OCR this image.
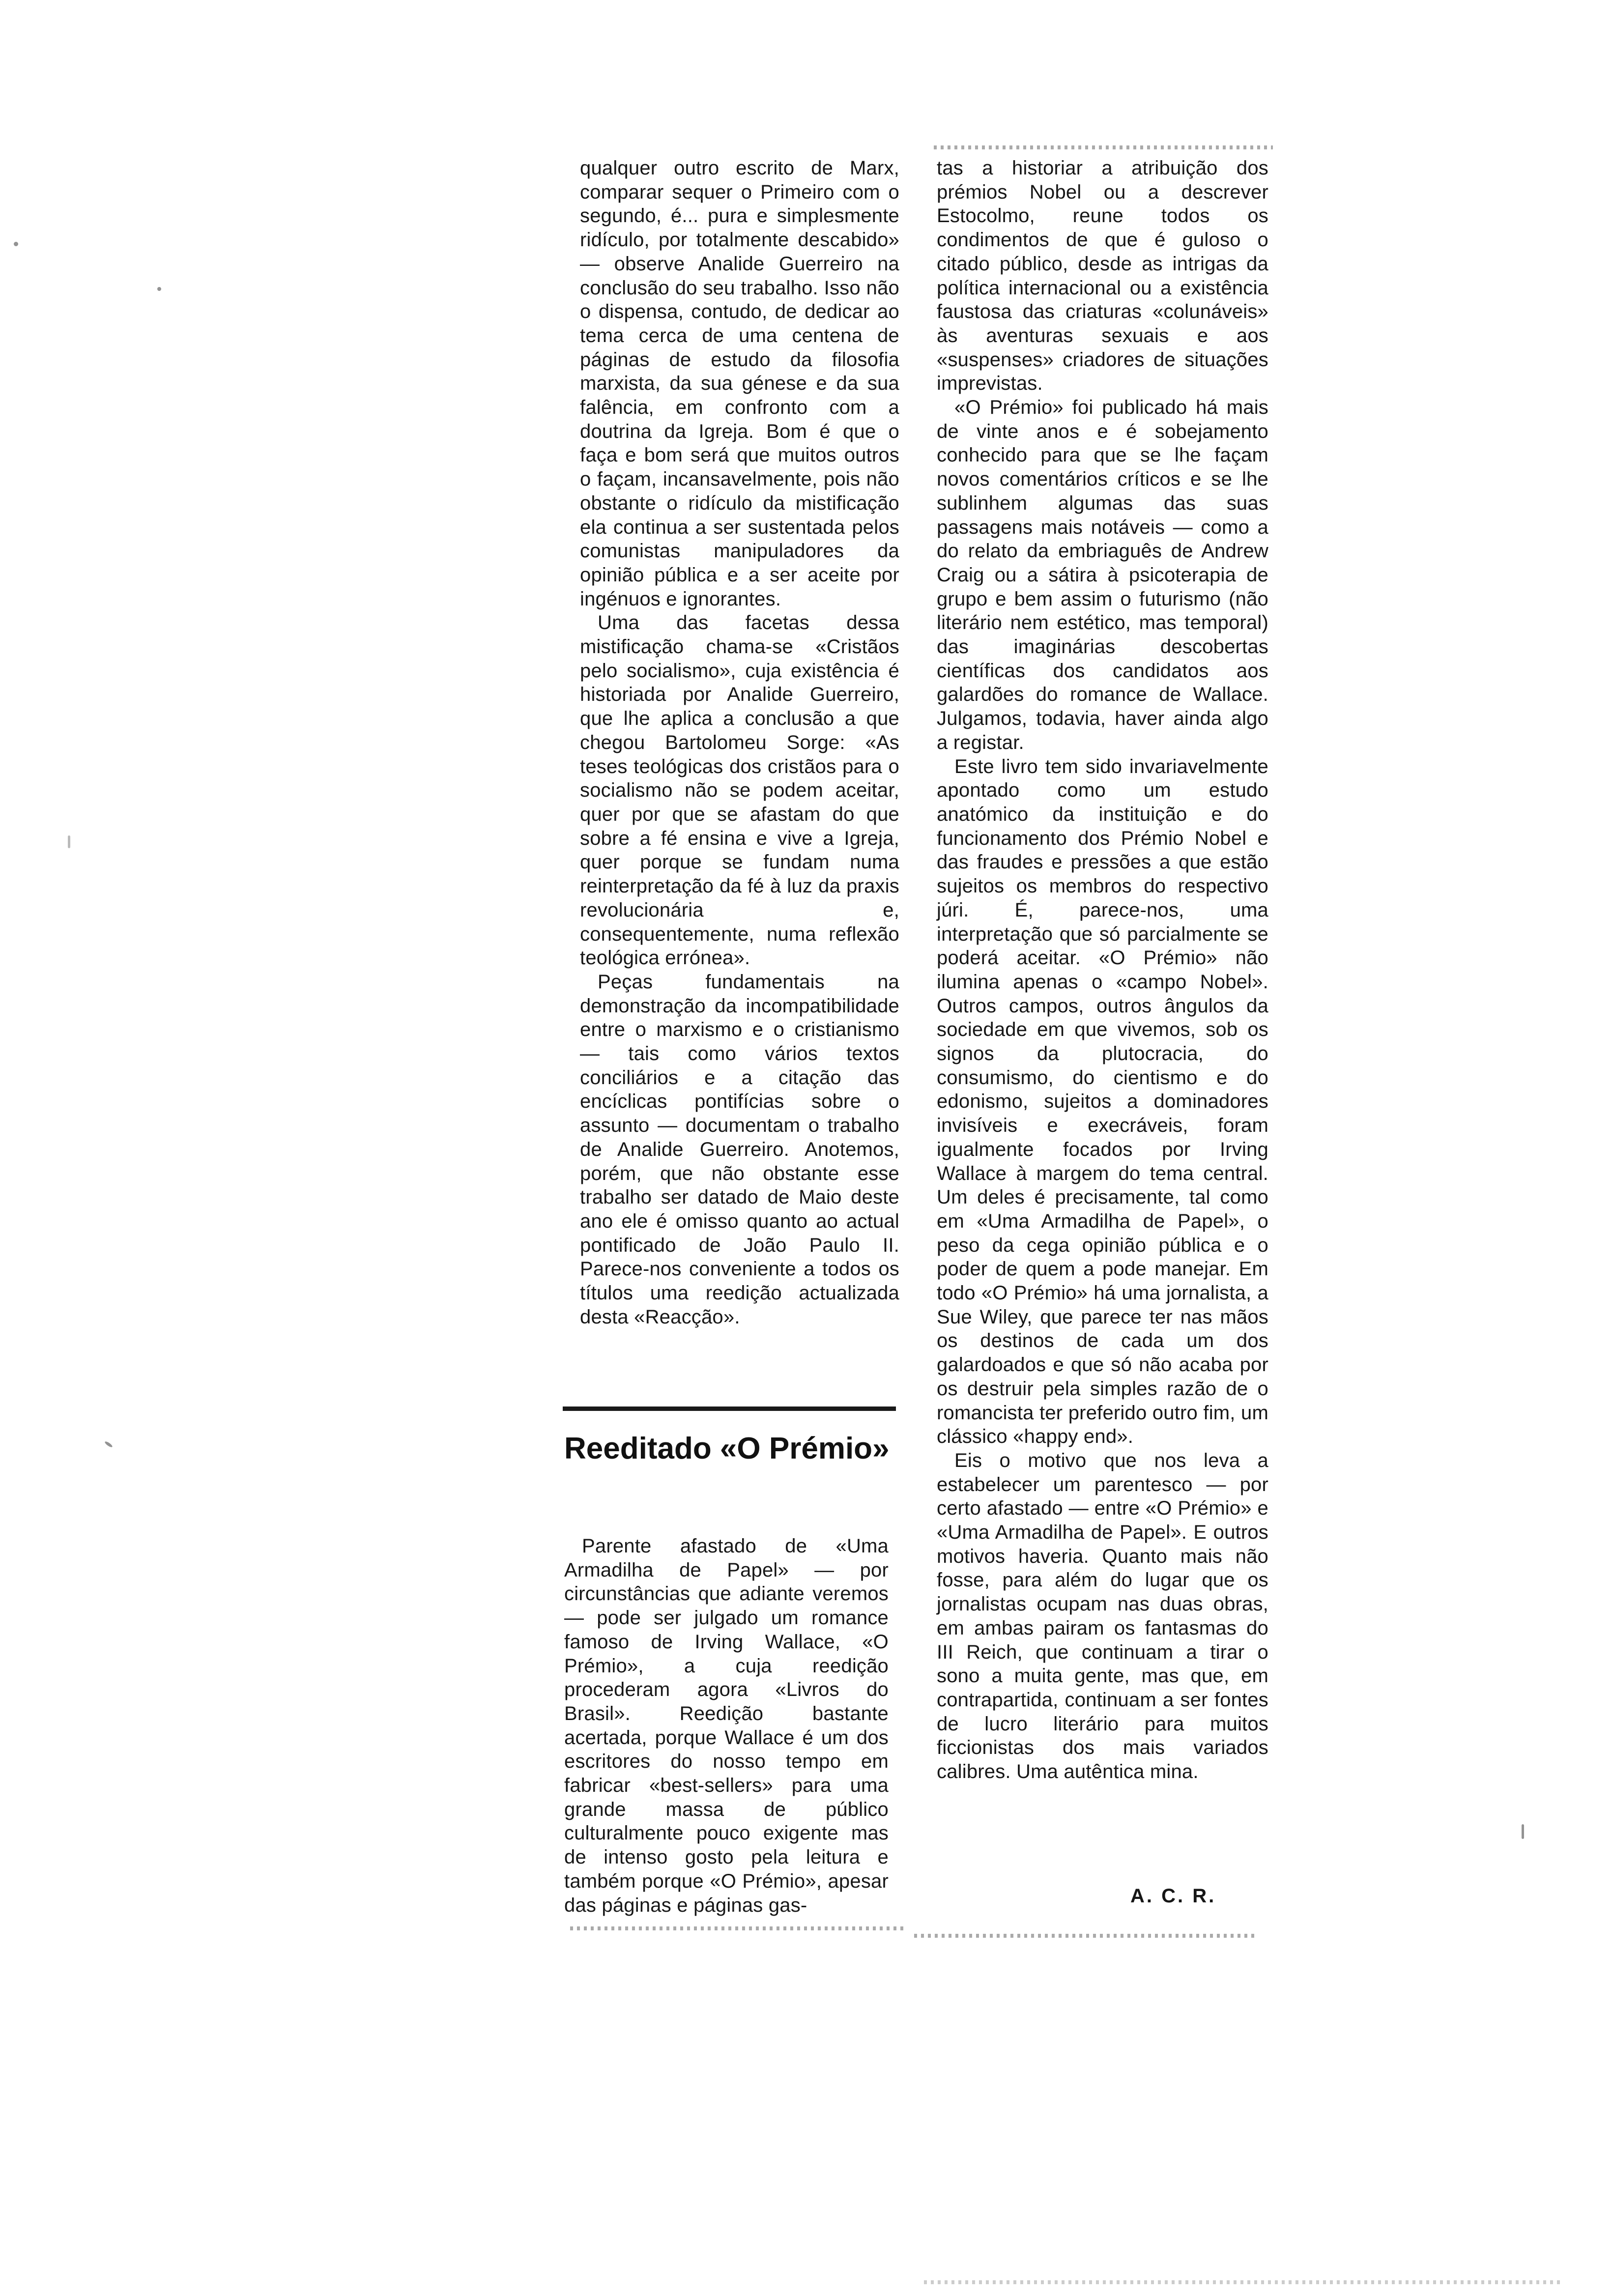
qualquer outro escrito de Marx, comparar sequer o Primeiro com o segundo, é... pura e simplesmente ridículo, por totalmente descabido» — observe Analide Guerreiro na conclusão do seu trabalho. Isso não o dispensa, contudo, de dedicar ao tema cerca de uma centena de páginas de estudo da filosofia marxista, da sua génese e da sua falência, em confronto com a doutrina da Igreja. Bom é que o faça e bom será que muitos outros o façam, incansavelmente, pois não obstante o ridículo da mistificação ela continua a ser sustentada pelos comunistas manipuladores da opinião pública e a ser aceite por ingénuos e ignorantes.

Uma das facetas dessa mistificação chama-se «Cristãos pelo socialismo», cuja existência é historiada por Analide Guerreiro, que lhe aplica a conclusão a que chegou Bartolomeu Sorge: «As teses teológicas dos cristãos para o socialismo não se podem aceitar, quer por que se afastam do que sobre a fé ensina e vive a Igreja, quer porque se fundam numa reinterpretação da fé à luz da praxis revolucionária e, consequentemente, numa reflexão teológica errónea».

Peças fundamentais na demonstração da incompatibilidade entre o marxismo e o cristianismo — tais como vários textos conciliários e a citação das encíclicas pontifícias sobre o assunto — documentam o trabalho de Analide Guerreiro. Anotemos, porém, que não obstante esse trabalho ser datado de Maio deste ano ele é omisso quanto ao actual pontificado de João Paulo II. Parece-nos conveniente a todos os títulos uma reedição actualizada desta «Reacção».

Reeditado «O Prémio»

Parente afastado de «Uma Armadilha de Papel» — por circunstâncias que adiante veremos — pode ser julgado um romance famoso de Irving Wallace, «O Prémio», a cuja reedição procederam agora «Livros do Brasil». Reedição bastante acertada, porque Wallace é um dos escritores do nosso tempo em fabricar «best-sellers» para uma grande massa de público culturalmente pouco exigente mas de intenso gosto pela leitura e também porque «O Prémio», apesar das páginas e páginas gas-

tas a historiar a atribuição dos prémios Nobel ou a descrever Estocolmo, reune todos os condimentos de que é guloso o citado público, desde as intrigas da política internacional ou a existência faustosa das criaturas «colunáveis» às aventuras sexuais e aos «suspenses» criadores de situações imprevistas.

«O Prémio» foi publicado há mais de vinte anos e é sobejamento conhecido para que se lhe façam novos comentários críticos e se lhe sublinhem algumas das suas passagens mais notáveis — como a do relato da embriaguês de Andrew Craig ou a sátira à psicoterapia de grupo e bem assim o futurismo (não literário nem estético, mas temporal) das imaginárias descobertas científicas dos candidatos aos galardões do romance de Wallace. Julgamos, todavia, haver ainda algo a registar.

Este livro tem sido invariavelmente apontado como um estudo anatómico da instituição e do funcionamento dos Prémio Nobel e das fraudes e pressões a que estão sujeitos os membros do respectivo júri. É, parece-nos, uma interpretação que só parcialmente se poderá aceitar. «O Prémio» não ilumina apenas o «campo Nobel». Outros campos, outros ângulos da sociedade em que vivemos, sob os signos da plutocracia, do consumismo, do cientismo e do edonismo, sujeitos a dominadores invisíveis e execráveis, foram igualmente focados por Irving Wallace à margem do tema central. Um deles é precisamente, tal como em «Uma Armadilha de Papel», o peso da cega opinião pública e o poder de quem a pode manejar. Em todo «O Prémio» há uma jornalista, a Sue Wiley, que parece ter nas mãos os destinos de cada um dos galardoados e que só não acaba por os destruir pela simples razão de o romancista ter preferido outro fim, um clássico «happy end».

Eis o motivo que nos leva a estabelecer um parentesco — por certo afastado — entre «O Prémio» e «Uma Armadilha de Papel». E outros motivos haveria. Quanto mais não fosse, para além do lugar que os jornalistas ocupam nas duas obras, em ambas pairam os fantasmas do III Reich, que continuam a tirar o sono a muita gente, mas que, em contrapartida, continuam a ser fontes de lucro literário para muitos ficcionistas dos mais variados calibres. Uma autêntica mina.

A. C. R.
